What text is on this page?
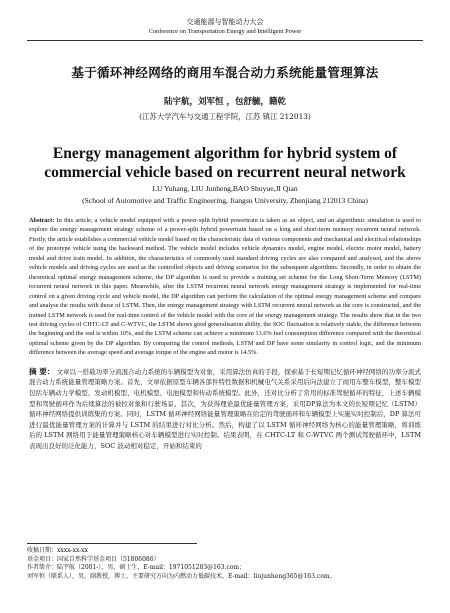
交通能源与智能动力大会
Conference on Transportation Energy and Intelligent Power
基于循环神经网络的商用车混合动力系统能量管理算法
陆宇航，刘军恒 ，包舒毓，籍乾
(江苏大学汽车与交通工程学院，江苏 镇江 212013)
Energy management algorithm for hybrid system of
commercial vehicle based on recurrent neural network
LU Yuhang, LIU Junheng,BAO Shuyue,JI Qian
(School of Automotive and Traffic Engineering, Jiangsu University, Zhenjiang 212013 China)
Abstract: In this article, a vehicle model equipped with a power-split hybrid powertrain is taken as an object, and an algorithmic simulation is used to explore the energy management strategy scheme of a power-split hybrid powertrain based on a long and short-term memory recurrent neural network. Firstly, the article establishes a commercial vehicle model based on the characteristic data of various components and mechanical and electrical relationships of the prototype vehicle using the backward method. The vehicle model includes vehicle dynamics model, engine model, electric motor model, battery model and drive train model. In addition, the characteristics of commonly used standard driving cycles are also compared and analysed, and the above vehicle models and driving cycles are used as the controlled objects and driving scenarios for the subsequent algorithms. Secondly, in order to obtain the theoretical optimal energy management scheme, the DP algorithm is used to provide a training set scheme for the Long Short-Term Memory (LSTM) recurrent neural network in this paper. Meanwhile, after the LSTM recurrent neural network energy management strategy is implemented for real-time control on a given driving cycle and vehicle model, the DP algorithm can perform the calculation of the optimal energy management scheme and compare and analyse the results with those of LSTM. Then, the energy management strategy with LSTM recurrent neural network as the core is constructed, and the trained LSTM network is used for real-time control of the vehicle model with the core of the energy management strategy. The results show that in the two test driving cycles of CHTC-LT and C-WTVC, the LSTM shows good generalisation ability, the SOC fluctuation is relatively stable, the difference between the beginning and the end is within 10%, and the LSTM scheme can achieve a minimum 13.6% fuel consumption difference compared with the theoretical optimal scheme given by the DP algorithm. By comparing the control methods, LSTM and DP have some similarity in control logic, and the minimum difference between the average speed and average torque of the engine and motor is 14.5%.
摘 要： 文章以一搭载功率分流混合动力系统的车辆模型为对象，采用算法仿真的手段，探索基于长短期记忆循环神经网络的功率分流式混合动力系统能量管理策略方案。首先，文章依据原型车辆各部件特性数据和机械电气关系采用后向法建立了商用车整车模型，整车模型包括车辆动力学模型、发动机模型、电机模型、电池模型和传动系统模型。此外，还对比分析了常用的标准驾驶循环的特征，上述车辆模型和驾驶循环作为后续算法的被控对象和行驶场景。其次，为获得理论最优能量管理方案，采用DP算法为本文的长短期记忆（LSTM）循环神经网络提供训练集的方案。同时，LSTM 循环神经网络能量管理策略在给定的驾驶循环和车辆模型上实施实时控制后，DP 算法可进行最优能量管理方案的计算并与 LSTM 的结果进行对比分析。然后，构建了以 LSTM 循环神经网络为核心的能量管理策略，将训练后的 LSTM 网络用于能量管理策略核心对车辆模型进行实时控制。结果表明，在 CHTC-LT 和 C-WTVC 两个测试驾驶循环中，LSTM 表现出良好的泛化能力，SOC 波动相对稳定，开始和结束的
收稿日期：xxxx-xx-xx
基金项目：国家自然科学基金项目（51806086）
作者简介：陆宇航（2001-），男，硕士生，E-mail：1971051283@163.com；
刘军恒（联系人），男，副教授，博士，主要研究方向为内燃动力低碳技术，E-mail：liujunheng365@163.com。
